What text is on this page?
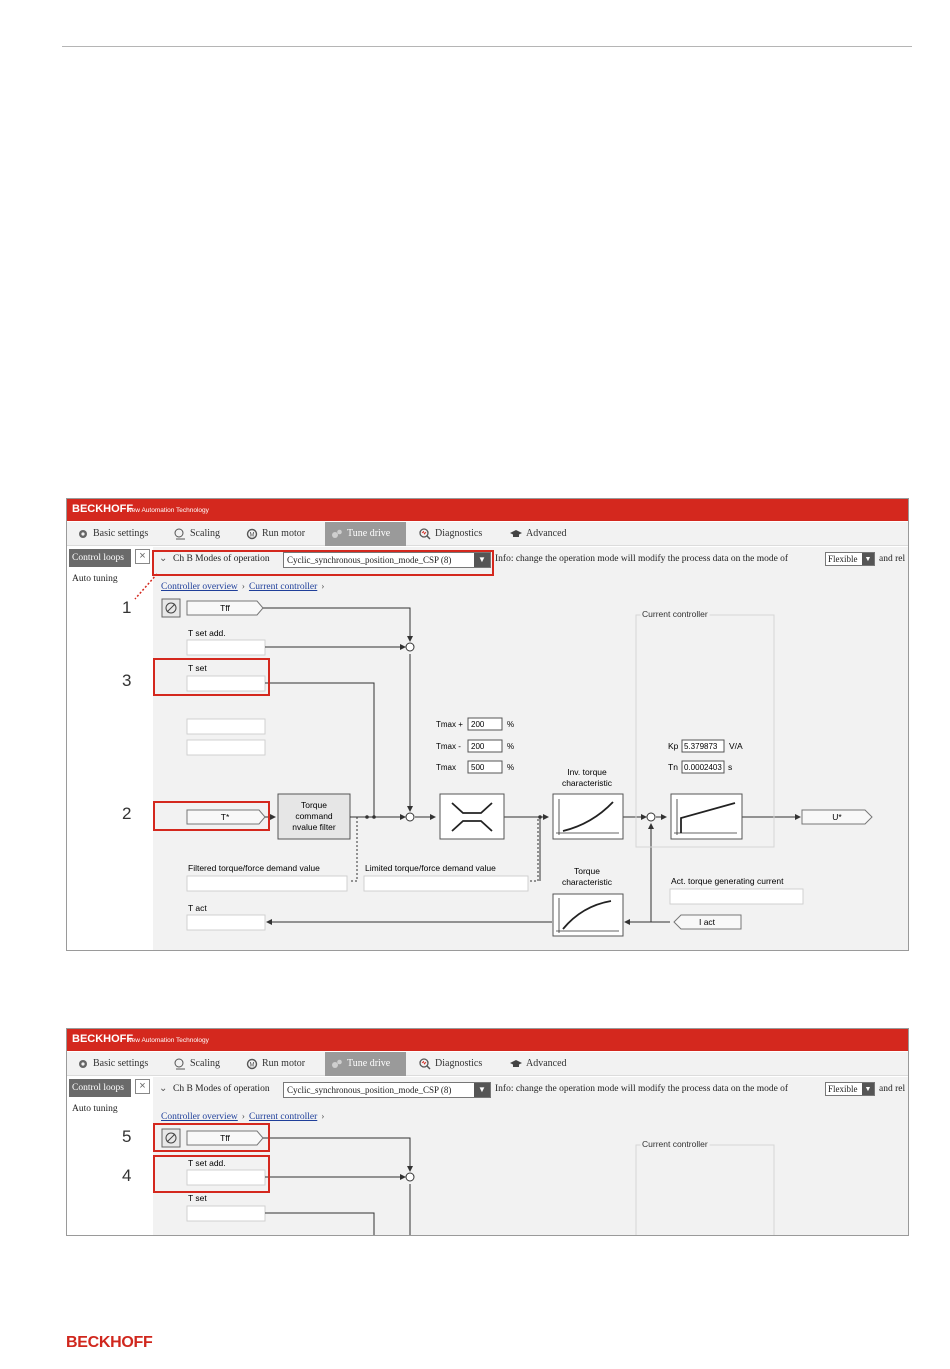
BECKHOFF
New Automation Technology
Basic settings	Scaling	M Run motor	Tune drive	Diagnostics	Advanced
Control loops	×
Auto tuning
⌄ Ch B Modes of operation	Cyclic_synchronous_position_mode_CSP (8)	▼ Info: change the operation mode will modify the process data on the mode of	Flexible	▼ and rel
Controller overview › Current controller ›
Tff
T set add.
T set
T*
Torque
command
nvalue filter
Tmax + 200	%
Tmax - 200	%
Tmax 500	%	Inv. torque
characteristic
Torque
characteristic
Current controller
Kp 5.379873 V/A
Tn 0.0002403 s
U*
Act. torque generating current
I act
Filtered torque/force demand value	Limited torque/force demand value
T act
1
3
2
BECKHOFF
New Automation Technology
Basic settings	Scaling	M Run motor	Tune drive	Diagnostics	Advanced
Control loops	×
Auto tuning
⌄ Ch B Modes of operation	Cyclic_synchronous_position_mode_CSP (8)	▼ Info: change the operation mode will modify the process data on the mode of	Flexible	▼ and rel
Controller overview › Current controller ›
Tff
T set add.
T set
Current controller
5
4
BECKHOFF
